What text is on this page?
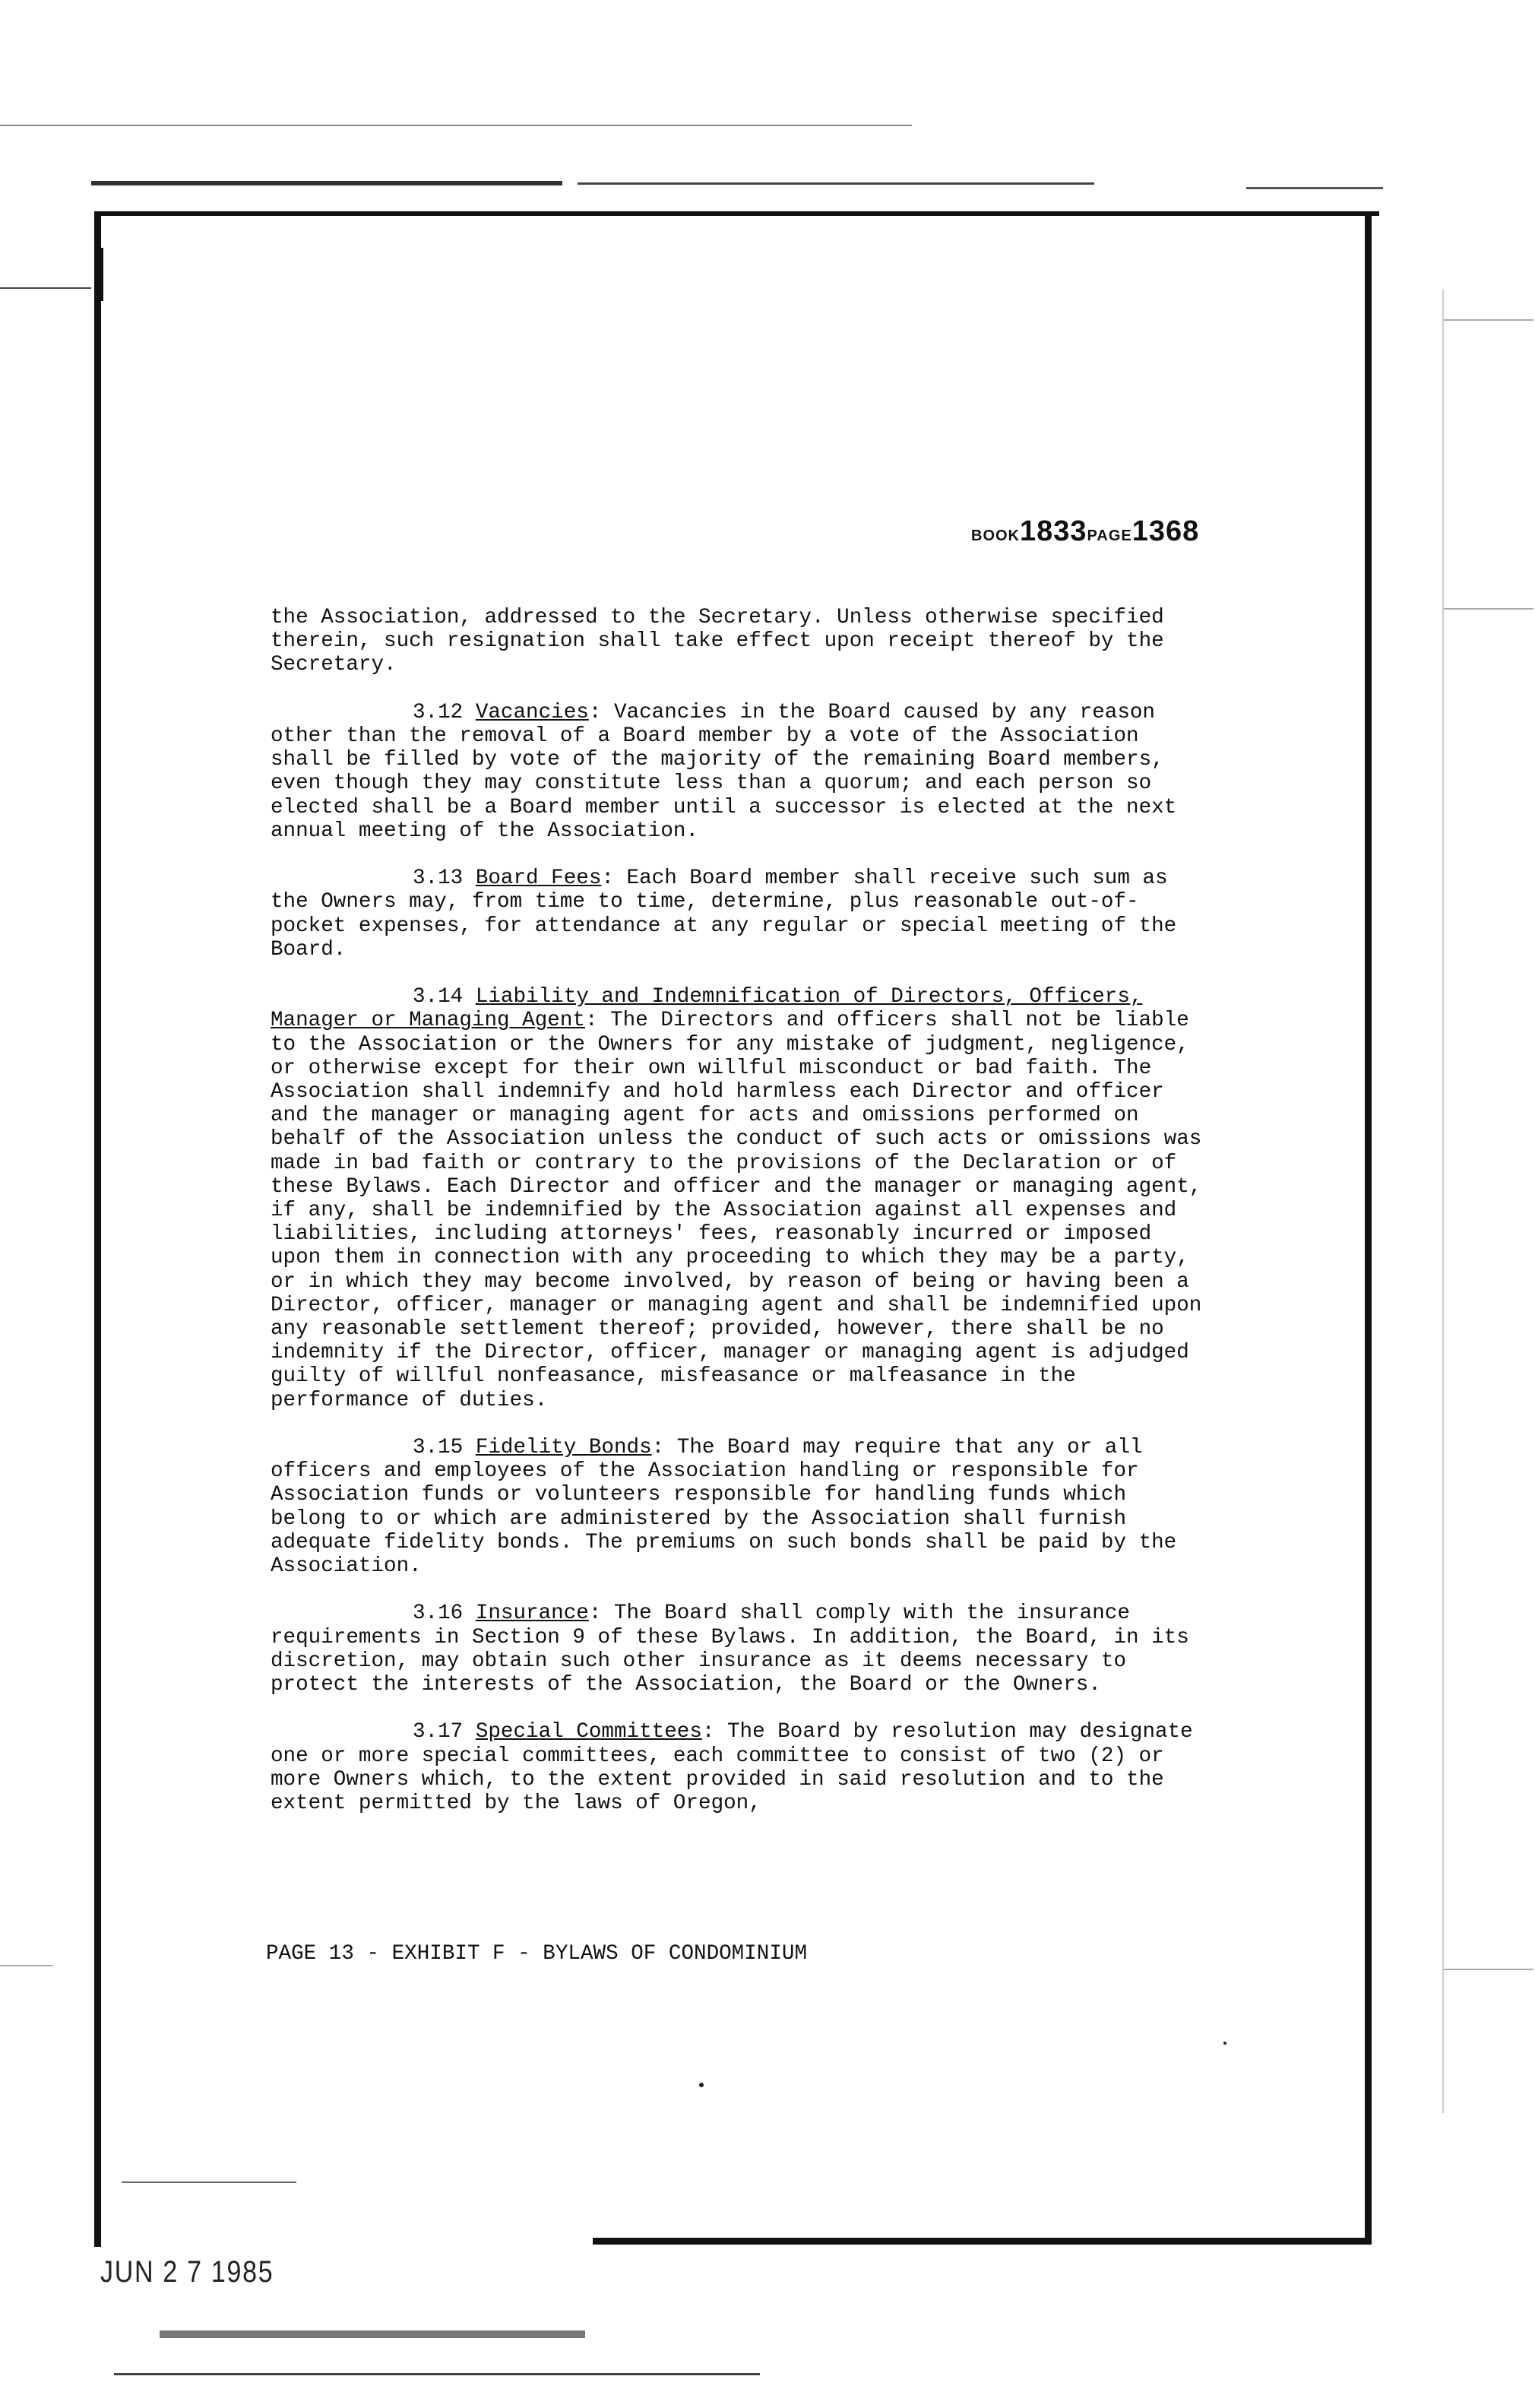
BOOK1833PAGE1368

the Association, addressed to the Secretary. Unless otherwise specified therein, such resignation shall take effect upon receipt thereof by the Secretary.

3.12 Vacancies: Vacancies in the Board caused by any reason other than the removal of a Board member by a vote of the Association shall be filled by vote of the majority of the remaining Board members, even though they may constitute less than a quorum; and each person so elected shall be a Board member until a successor is elected at the next annual meeting of the Association.

3.13 Board Fees: Each Board member shall receive such sum as the Owners may, from time to time, determine, plus reasonable out-of-pocket expenses, for attendance at any regular or special meeting of the Board.

3.14 Liability and Indemnification of Directors, Officers, Manager or Managing Agent: The Directors and officers shall not be liable to the Association or the Owners for any mistake of judgment, negligence, or otherwise except for their own willful misconduct or bad faith. The Association shall indemnify and hold harmless each Director and officer and the manager or managing agent for acts and omissions performed on behalf of the Association unless the conduct of such acts or omissions was made in bad faith or contrary to the provisions of the Declaration or of these Bylaws. Each Director and officer and the manager or managing agent, if any, shall be indemnified by the Association against all expenses and liabilities, including attorneys' fees, reasonably incurred or imposed upon them in connection with any proceeding to which they may be a party, or in which they may become involved, by reason of being or having been a Director, officer, manager or managing agent and shall be indemnified upon any reasonable settlement thereof; provided, however, there shall be no indemnity if the Director, officer, manager or managing agent is adjudged guilty of willful nonfeasance, misfeasance or malfeasance in the performance of duties.

3.15 Fidelity Bonds: The Board may require that any or all officers and employees of the Association handling or responsible for Association funds or volunteers responsible for handling funds which belong to or which are administered by the Association shall furnish adequate fidelity bonds. The premiums on such bonds shall be paid by the Association.

3.16 Insurance: The Board shall comply with the insurance requirements in Section 9 of these Bylaws. In addition, the Board, in its discretion, may obtain such other insurance as it deems necessary to protect the interests of the Association, the Board or the Owners.

3.17 Special Committees: The Board by resolution may designate one or more special committees, each committee to consist of two (2) or more Owners which, to the extent provided in said resolution and to the extent permitted by the laws of Oregon,

PAGE 13 - EXHIBIT F - BYLAWS OF CONDOMINIUM
JUN 2 7 1985
